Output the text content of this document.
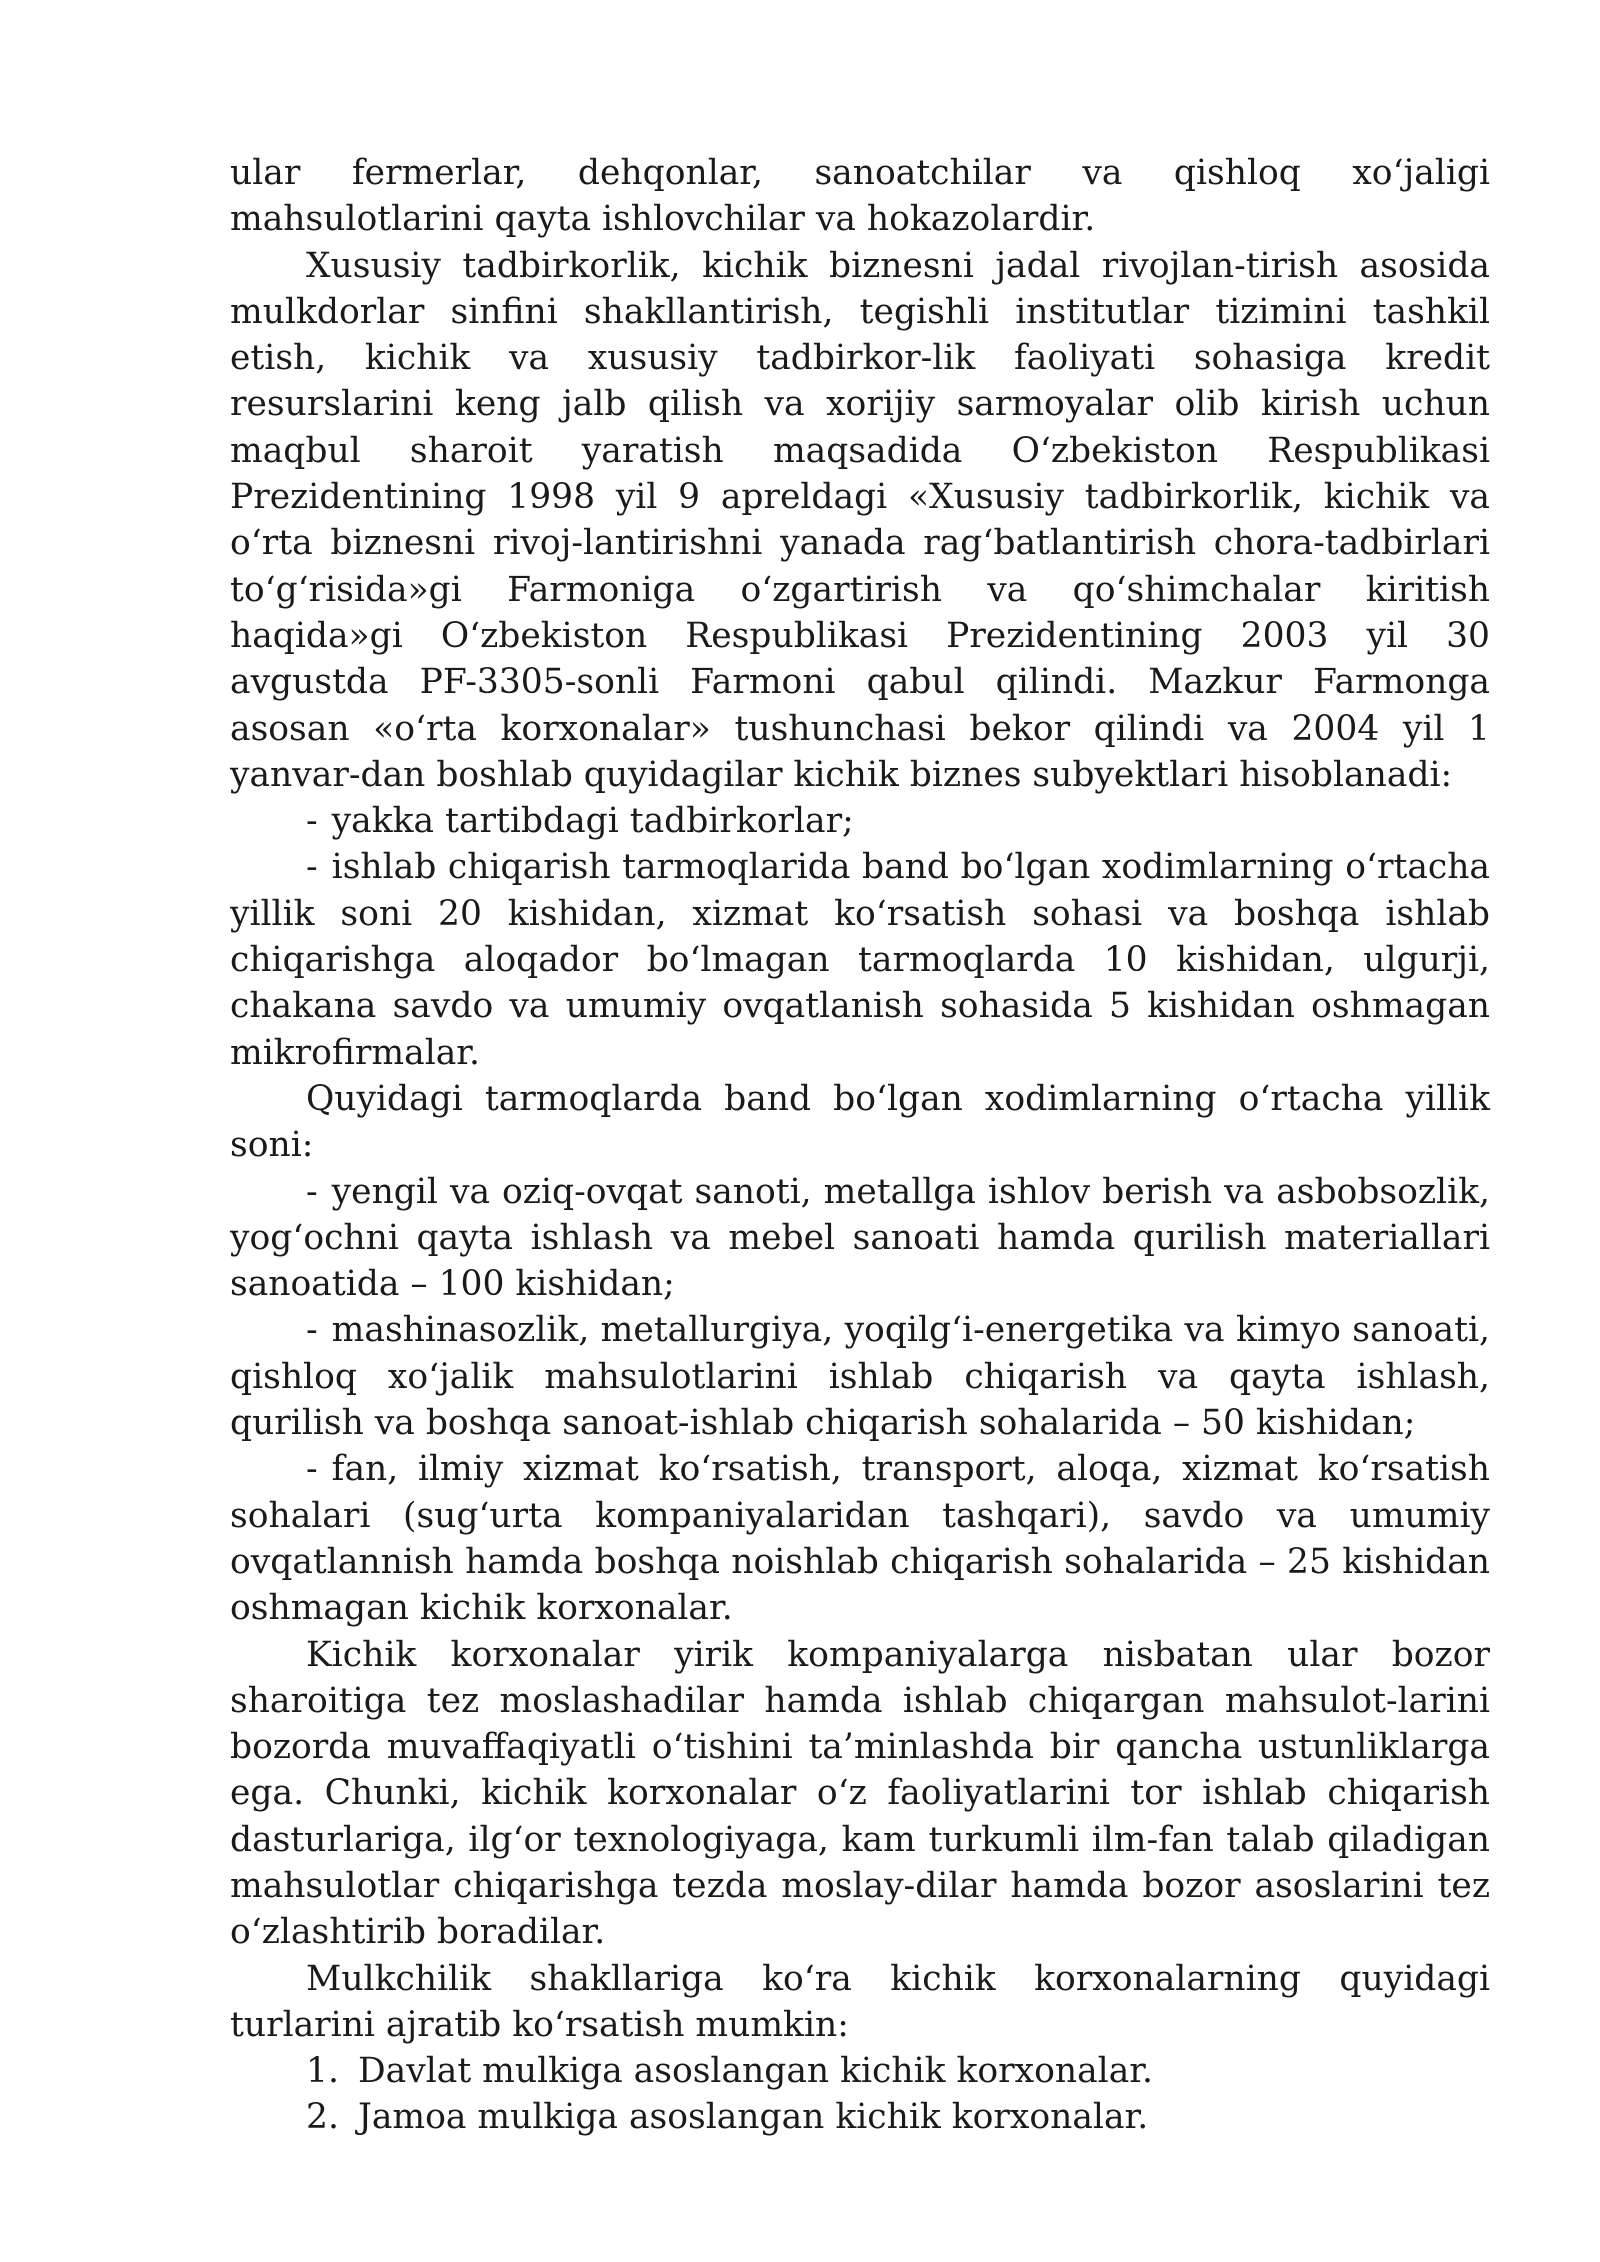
ular fermerlar, dehqonlar, sanoatchilar va qishloq xo‘jaligi mahsulotlarini qayta ishlovchilar va hokazolardir.

Xususiy tadbirkorlik, kichik biznesni jadal rivojlan-tirish asosida mulkdorlar sinfini shakllantirish, tegishli institutlar tizimini tashkil etish, kichik va xususiy tadbirkor-lik faoliyati sohasiga kredit resurslarini keng jalb qilish va xorijiy sarmoyalar olib kirish uchun maqbul sharoit yaratish maqsadida O‘zbekiston Respublikasi Prezidentining 1998 yil 9 apreldagi «Xususiy tadbirkorlik, kichik va o‘rta biznesni rivoj-lantirishni yanada rag‘batlantirish chora-tadbirlari to‘g‘risida»gi Farmoniga o‘zgartirish va qo‘shimchalar kiritish haqida»gi O‘zbekiston Respublikasi Prezidentining 2003 yil 30 avgustda PF-3305-sonli Farmoni qabul qilindi. Mazkur Farmonga asosan «o‘rta korxonalar» tushunchasi bekor qilindi va 2004 yil 1 yanvar-dan boshlab quyidagilar kichik biznes subyektlari hisoblanadi:

- yakka tartibdagi tadbirkorlar;

- ishlab chiqarish tarmoqlarida band bo‘lgan xodimlarning o‘rtacha yillik soni 20 kishidan, xizmat ko‘rsatish sohasi va boshqa ishlab chiqarishga aloqador bo‘lmagan tarmoqlarda 10 kishidan, ulgurji, chakana savdo va umumiy ovqatlanish sohasida 5 kishidan oshmagan mikrofirmalar.

Quyidagi tarmoqlarda band bo‘lgan xodimlarning o‘rtacha yillik soni:

- yengil va oziq-ovqat sanoti, metallga ishlov berish va asbobsozlik, yog‘ochni qayta ishlash va mebel sanoati hamda qurilish materiallari sanoatida – 100 kishidan;

- mashinasozlik, metallurgiya, yoqilg‘i-energetika va kimyo sanoati, qishloq xo‘jalik mahsulotlarini ishlab chiqarish va qayta ishlash, qurilish va boshqa sanoat-ishlab chiqarish sohalarida – 50 kishidan;

- fan, ilmiy xizmat ko‘rsatish, transport, aloqa, xizmat ko‘rsatish sohalari (sug‘urta kompaniyalaridan tashqari), savdo va umumiy ovqatlannish hamda boshqa noishlab chiqarish sohalarida – 25 kishidan oshmagan kichik korxonalar.

Kichik korxonalar yirik kompaniyalarga nisbatan ular bozor sharoitiga tez moslashadilar hamda ishlab chiqargan mahsulot-larini bozorda muvaffaqiyatli o‘tishini ta’minlashda bir qancha ustunliklarga ega. Chunki, kichik korxonalar o‘z faoliyatlarini tor ishlab chiqarish dasturlariga, ilg‘or texnologiyaga, kam turkumli ilm-fan talab qiladigan mahsulotlar chiqarishga tezda moslay-dilar hamda bozor asoslarini tez o‘zlashtirib boradilar.

Mulkchilik shakllariga ko‘ra kichik korxonalarning quyidagi turlarini ajratib ko‘rsatish mumkin:

1. Davlat mulkiga asoslangan kichik korxonalar.

2. Jamoa mulkiga asoslangan kichik korxonalar.
